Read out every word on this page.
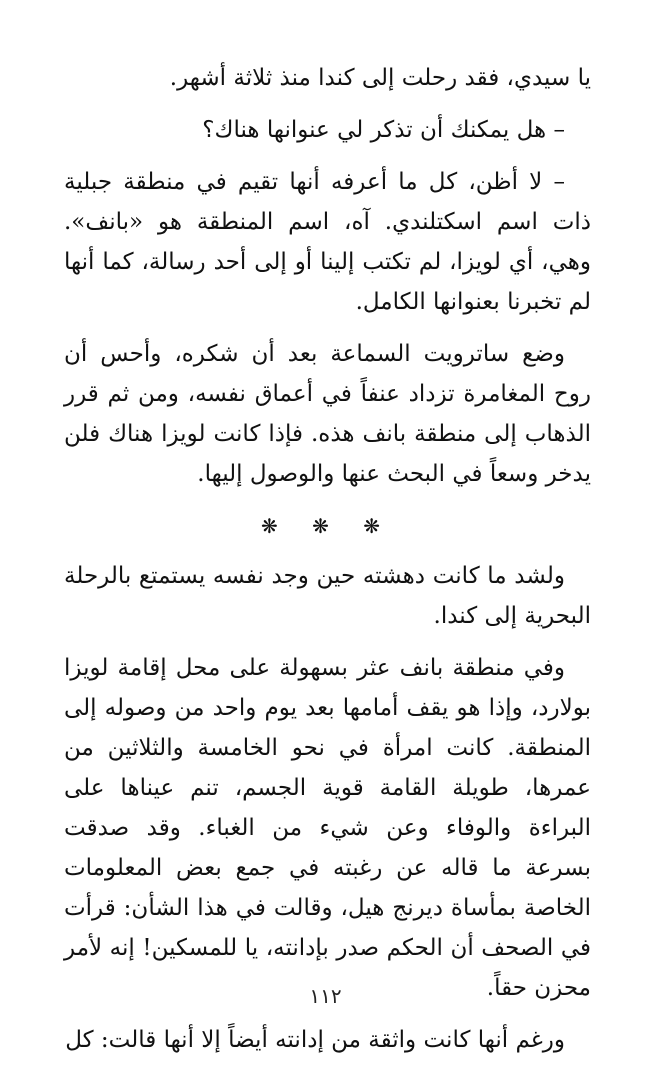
يا سيدي، فقد رحلت إلى كندا منذ ثلاثة أشهر.

– هل يمكنك أن تذكر لي عنوانها هناك؟

– لا أظن، كل ما أعرفه أنها تقيم في منطقة جبلية ذات اسم اسكتلندي. آه، اسم المنطقة هو «بانف». وهي، أي لويزا، لم تكتب إلينا أو إلى أحد رسالة، كما أنها لم تخبرنا بعنوانها الكامل.

وضع ساترويت السماعة بعد أن شكره، وأحس أن روح المغامرة تزداد عنفاً في أعماق نفسه، ومن ثم قرر الذهاب إلى منطقة بانف هذه. فإذا كانت لويزا هناك فلن يدخر وسعاً في البحث عنها والوصول إليها.

❋ ❋ ❋

ولشد ما كانت دهشته حين وجد نفسه يستمتع بالرحلة البحرية إلى كندا.

وفي منطقة بانف عثر بسهولة على محل إقامة لويزا بولارد، وإذا هو يقف أمامها بعد يوم واحد من وصوله إلى المنطقة. كانت امرأة في نحو الخامسة والثلاثين من عمرها، طويلة القامة قوية الجسم، تنم عيناها على البراءة والوفاء وعن شيء من الغباء. وقد صدقت بسرعة ما قاله عن رغبته في جمع بعض المعلومات الخاصة بمأساة ديرنج هيل، وقالت في هذا الشأن: قرأت في الصحف أن الحكم صدر بإدانته، يا للمسكين! إنه لأمر محزن حقاً.

ورغم أنها كانت واثقة من إدانته أيضاً إلا أنها قالت: كل

١١٢
